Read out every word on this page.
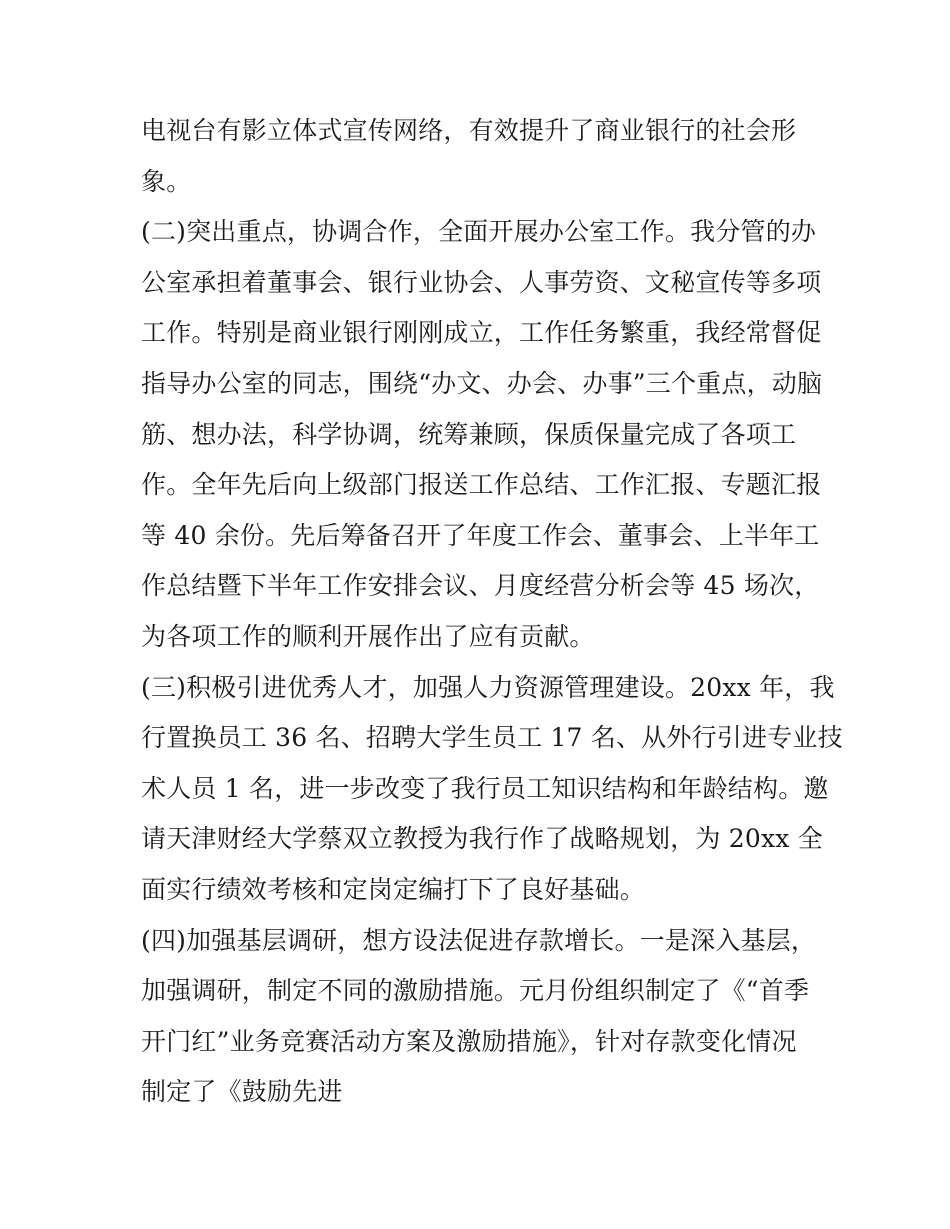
电视台有影立体式宣传网络，有效提升了商业银行的社会形
象。
(二)突出重点，协调合作，全面开展办公室工作。我分管的办
公室承担着董事会、银行业协会、人事劳资、文秘宣传等多项
工作。特别是商业银行刚刚成立，工作任务繁重，我经常督促
指导办公室的同志，围绕“办文、办会、办事”三个重点，动脑
筋、想办法，科学协调，统筹兼顾，保质保量完成了各项工
作。全年先后向上级部门报送工作总结、工作汇报、专题汇报
等 40 余份。先后筹备召开了年度工作会、董事会、上半年工
作总结暨下半年工作安排会议、月度经营分析会等 45 场次，
为各项工作的顺利开展作出了应有贡献。
(三)积极引进优秀人才，加强人力资源管理建设。20xx 年，我
行置换员工 36 名、招聘大学生员工 17 名、从外行引进专业技
术人员 1 名，进一步改变了我行员工知识结构和年龄结构。邀
请天津财经大学蔡双立教授为我行作了战略规划，为 20xx 全
面实行绩效考核和定岗定编打下了良好基础。
(四)加强基层调研，想方设法促进存款增长。一是深入基层，
加强调研，制定不同的激励措施。元月份组织制定了《“首季
开门红”业务竞赛活动方案及激励措施》，针对存款变化情况
制定了《鼓励先进
